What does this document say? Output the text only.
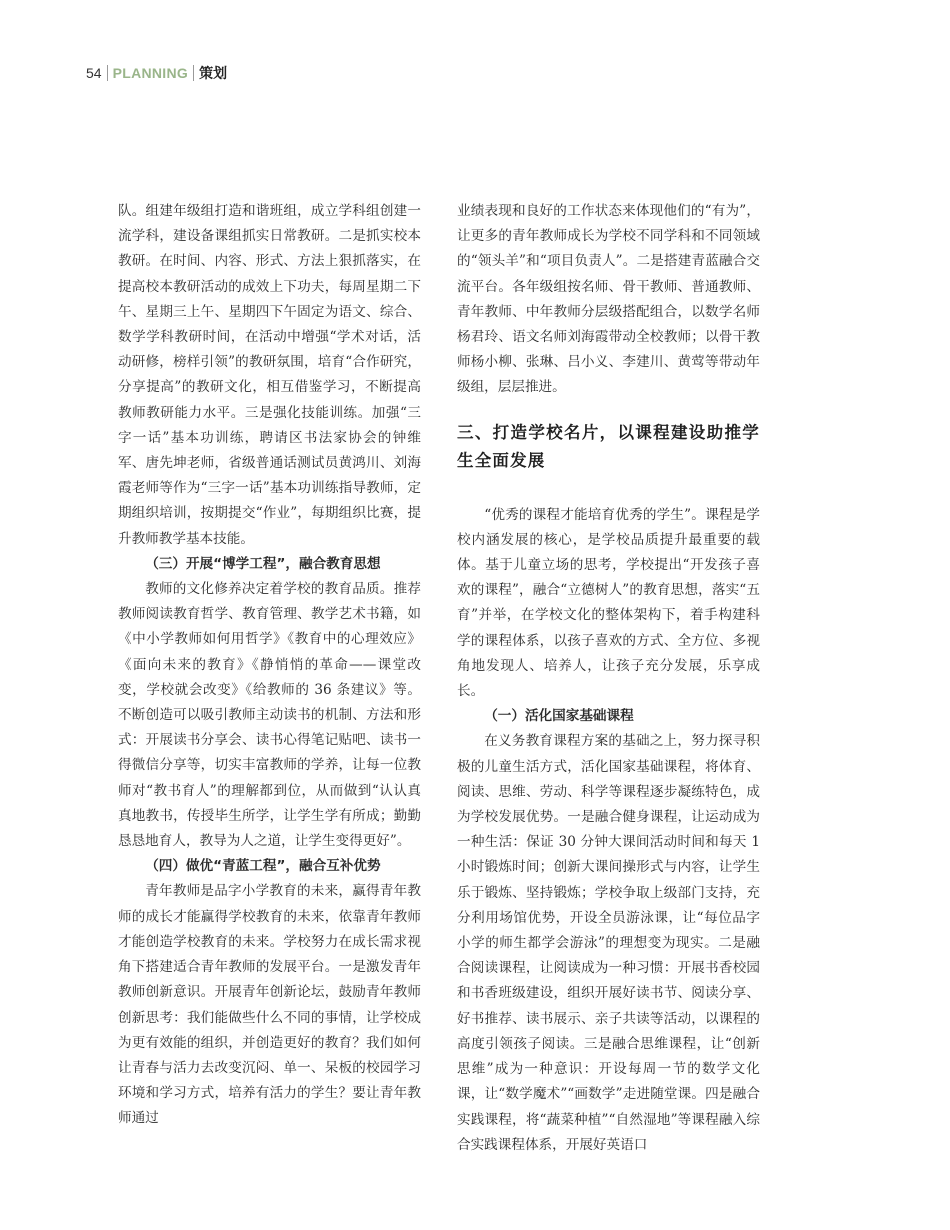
54 PLANNING 策划

队。组建年级组打造和谐班组，成立学科组创建一流学科，建设备课组抓实日常教研。二是抓实校本教研。在时间、内容、形式、方法上狠抓落实，在提高校本教研活动的成效上下功夫，每周星期二下午、星期三上午、星期四下午固定为语文、综合、数学学科教研时间，在活动中增强“学术对话，活动研修，榜样引领”的教研氛围，培育“合作研究，分享提高”的教研文化，相互借鉴学习，不断提高教师教研能力水平。三是强化技能训练。加强“三字一话”基本功训练，聘请区书法家协会的钟维军、唐先坤老师，省级普通话测试员黄鸿川、刘海霞老师等作为“三字一话”基本功训练指导教师，定期组织培训，按期提交“作业”，每期组织比赛，提升教师教学基本技能。

（三）开展“博学工程”，融合教育思想

教师的文化修养决定着学校的教育品质。推荐教师阅读教育哲学、教育管理、教学艺术书籍，如《中小学教师如何用哲学》《教育中的心理效应》《面向未来的教育》《静悄悄的革命——课堂改变，学校就会改变》《给教师的 36 条建议》等。不断创造可以吸引教师主动读书的机制、方法和形式：开展读书分享会、读书心得笔记贴吧、读书一得微信分享等，切实丰富教师的学养，让每一位教师对“教书育人”的理解都到位，从而做到“认认真真地教书，传授毕生所学，让学生学有所成；勤勤恳恳地育人，教导为人之道，让学生变得更好”。

（四）做优“青蓝工程”，融合互补优势

青年教师是品字小学教育的未来，赢得青年教师的成长才能赢得学校教育的未来，依靠青年教师才能创造学校教育的未来。学校努力在成长需求视角下搭建适合青年教师的发展平台。一是激发青年教师创新意识。开展青年创新论坛，鼓励青年教师创新思考：我们能做些什么不同的事情，让学校成为更有效能的组织，并创造更好的教育？我们如何让青春与活力去改变沉闷、单一、呆板的校园学习环境和学习方式，培养有活力的学生？要让青年教师通过

业绩表现和良好的工作状态来体现他们的“有为”，让更多的青年教师成长为学校不同学科和不同领域的“领头羊”和“项目负责人”。二是搭建青蓝融合交流平台。各年级组按名师、骨干教师、普通教师、青年教师、中年教师分层级搭配组合，以数学名师杨君玲、语文名师刘海霞带动全校教师；以骨干教师杨小柳、张琳、吕小义、李建川、黄莺等带动年级组，层层推进。

三、打造学校名片，以课程建设助推学生全面发展

“优秀的课程才能培育优秀的学生”。课程是学校内涵发展的核心，是学校品质提升最重要的载体。基于儿童立场的思考，学校提出“开发孩子喜欢的课程”，融合“立德树人”的教育思想，落实“五育”并举，在学校文化的整体架构下，着手构建科学的课程体系，以孩子喜欢的方式、全方位、多视角地发现人、培养人，让孩子充分发展，乐享成长。

（一）活化国家基础课程

在义务教育课程方案的基础之上，努力探寻积极的儿童生活方式，活化国家基础课程，将体育、阅读、思维、劳动、科学等课程逐步凝练特色，成为学校发展优势。一是融合健身课程，让运动成为一种生活：保证 30 分钟大课间活动时间和每天 1 小时锻炼时间；创新大课间操形式与内容，让学生乐于锻炼、坚持锻炼；学校争取上级部门支持，充分利用场馆优势，开设全员游泳课，让“每位品字小学的师生都学会游泳”的理想变为现实。二是融合阅读课程，让阅读成为一种习惯：开展书香校园和书香班级建设，组织开展好读书节、阅读分享、好书推荐、读书展示、亲子共读等活动，以课程的高度引领孩子阅读。三是融合思维课程，让“创新思维”成为一种意识：开设每周一节的数学文化课，让“数学魔术”“画数学”走进随堂课。四是融合实践课程，将“蔬菜种植”“自然湿地”等课程融入综合实践课程体系，开展好英语口
